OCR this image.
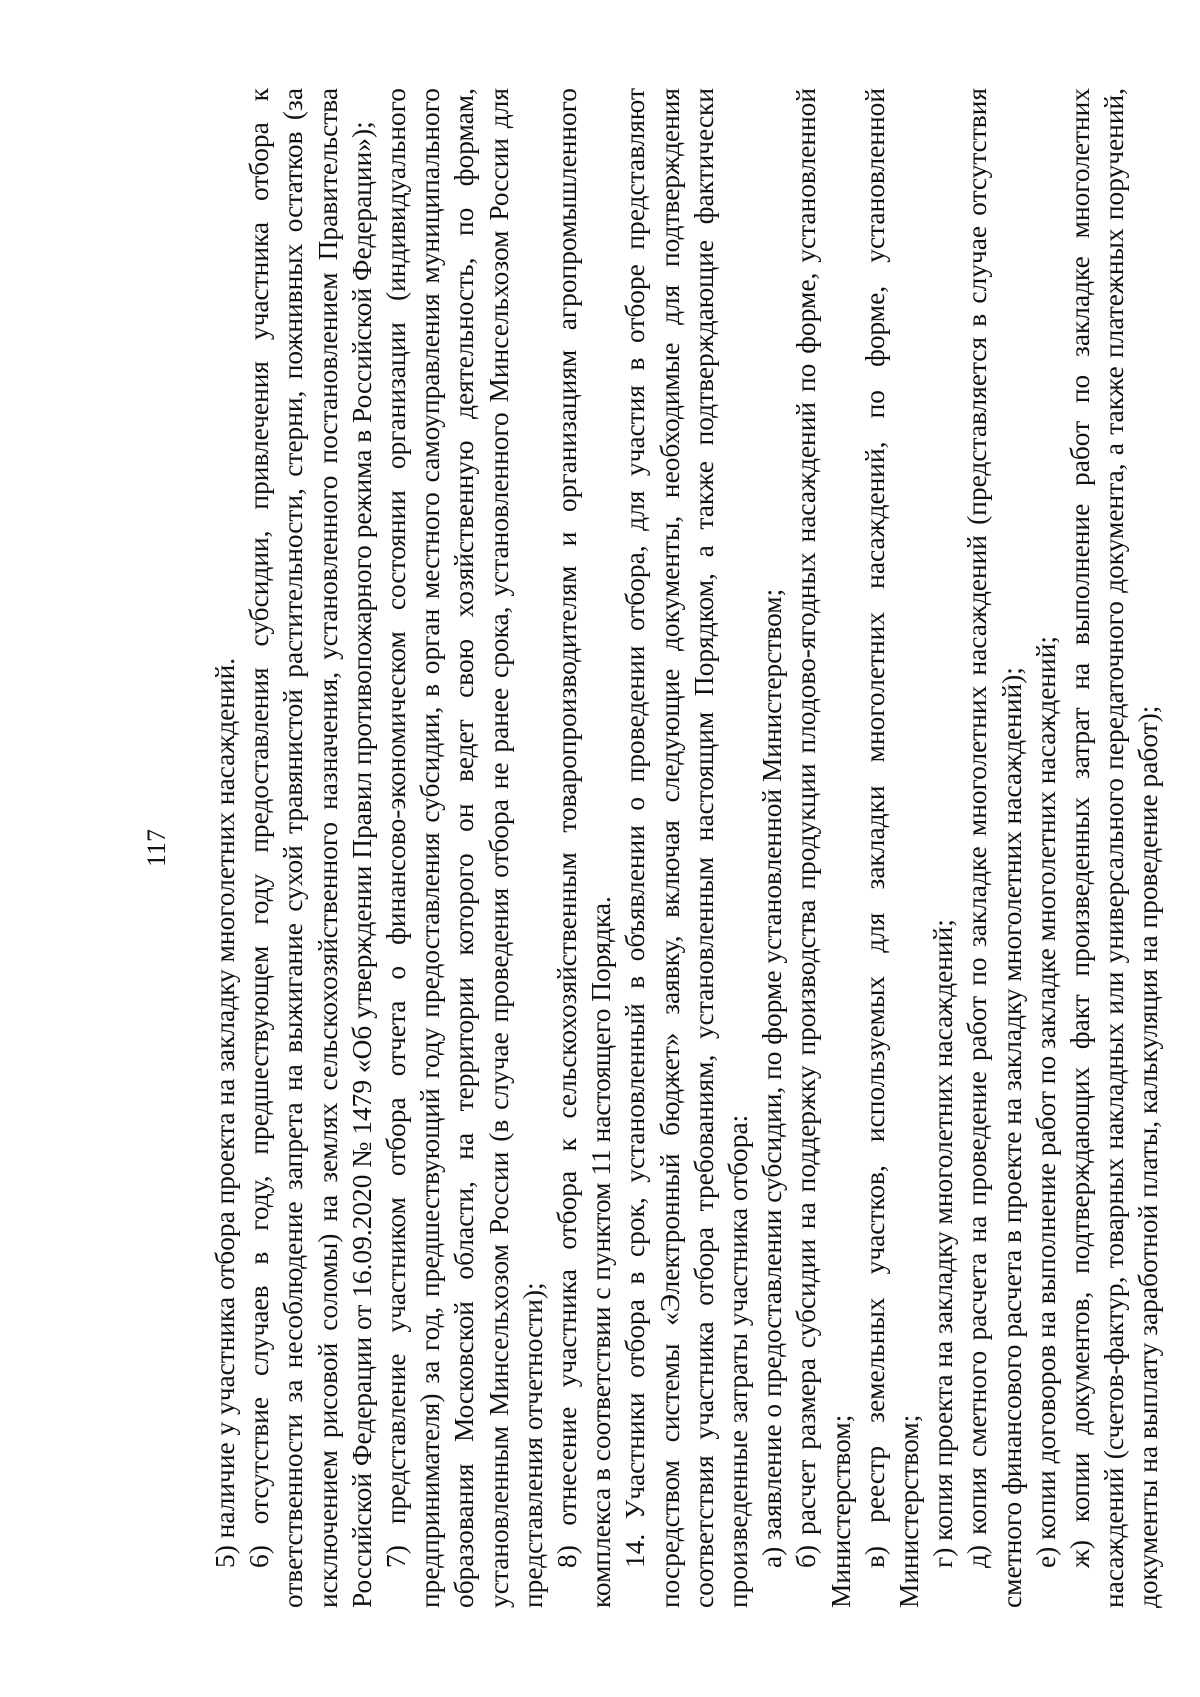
117 5) наличие у участника отбора проекта на закладку многолетних насаждений. 6) отсутствие случаев в году, предшествующем году предоставления субсидии, привлечения участника отбора к ответственности за несоблюдение запрета на выжигание сухой травянистой растительности, стерни, пожнивных остатков (за исключением рисовой соломы) на землях сельскохозяйственного назначения, установленного постановлением Правительства Российской Федерации от 16.09.2020 № 1479 «Об утверждении Правил противопожарного режима в Российской Федерации»); 7) представление участником отбора отчета о финансово-экономическом состоянии организации (индивидуального предпринимателя) за год, предшествующий году предоставления субсидии, в орган местного самоуправления муниципального образования Московской области, на территории которого он ведет свою хозяйственную деятельность, по формам, установленным Минсельхозом России (в случае проведения отбора не ранее срока, установленного Минсельхозом России для представления отчетности); 8) отнесение участника отбора к сельскохозяйственным товаропроизводителям и организациям агропромышленного комплекса в соответствии с пунктом 11 настоящего Порядка. 14. Участники отбора в срок, установленный в объявлении о проведении отбора, для участия в отборе представляют посредством системы «Электронный бюджет» заявку, включая следующие документы, необходимые для подтверждения соответствия участника отбора требованиям, установленным настоящим Порядком, а также подтверждающие фактически произведенные затраты участника отбора: а) заявление о предоставлении субсидии, по форме установленной Министерством; б) расчет размера субсидии на поддержку производства продукции плодово-ягодных насаждений по форме, установленной Министерством; в) реестр земельных участков, используемых для закладки многолетних насаждений, по форме, установленной Министерством; г) копия проекта на закладку многолетних насаждений; д) копия сметного расчета на проведение работ по закладке многолетних насаждений (представляется в случае отсутствия сметного финансового расчета в проекте на закладку многолетних насаждений); е) копии договоров на выполнение работ по закладке многолетних насаждений; ж) копии документов, подтверждающих факт произведенных затрат на выполнение работ по закладке многолетних насаждений (счетов-фактур, товарных накладных или универсального передаточного документа, а также платежных поручений, документы на выплату заработной платы, калькуляция на проведение работ);
